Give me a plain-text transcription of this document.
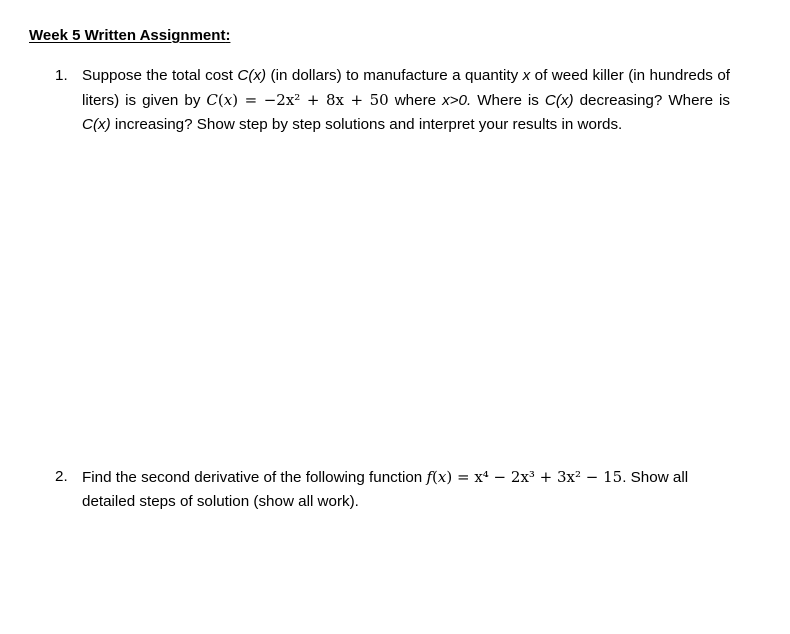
Week 5 Written Assignment:
1. Suppose the total cost C(x) (in dollars) to manufacture a quantity x of weed killer (in hundreds of liters) is given by C(x) = −2x² + 8x + 50 where x>0. Where is C(x) decreasing? Where is C(x) increasing? Show step by step solutions and interpret your results in words.
2. Find the second derivative of the following function f(x) = x⁴ − 2x³ + 3x² − 15. Show all detailed steps of solution (show all work).
